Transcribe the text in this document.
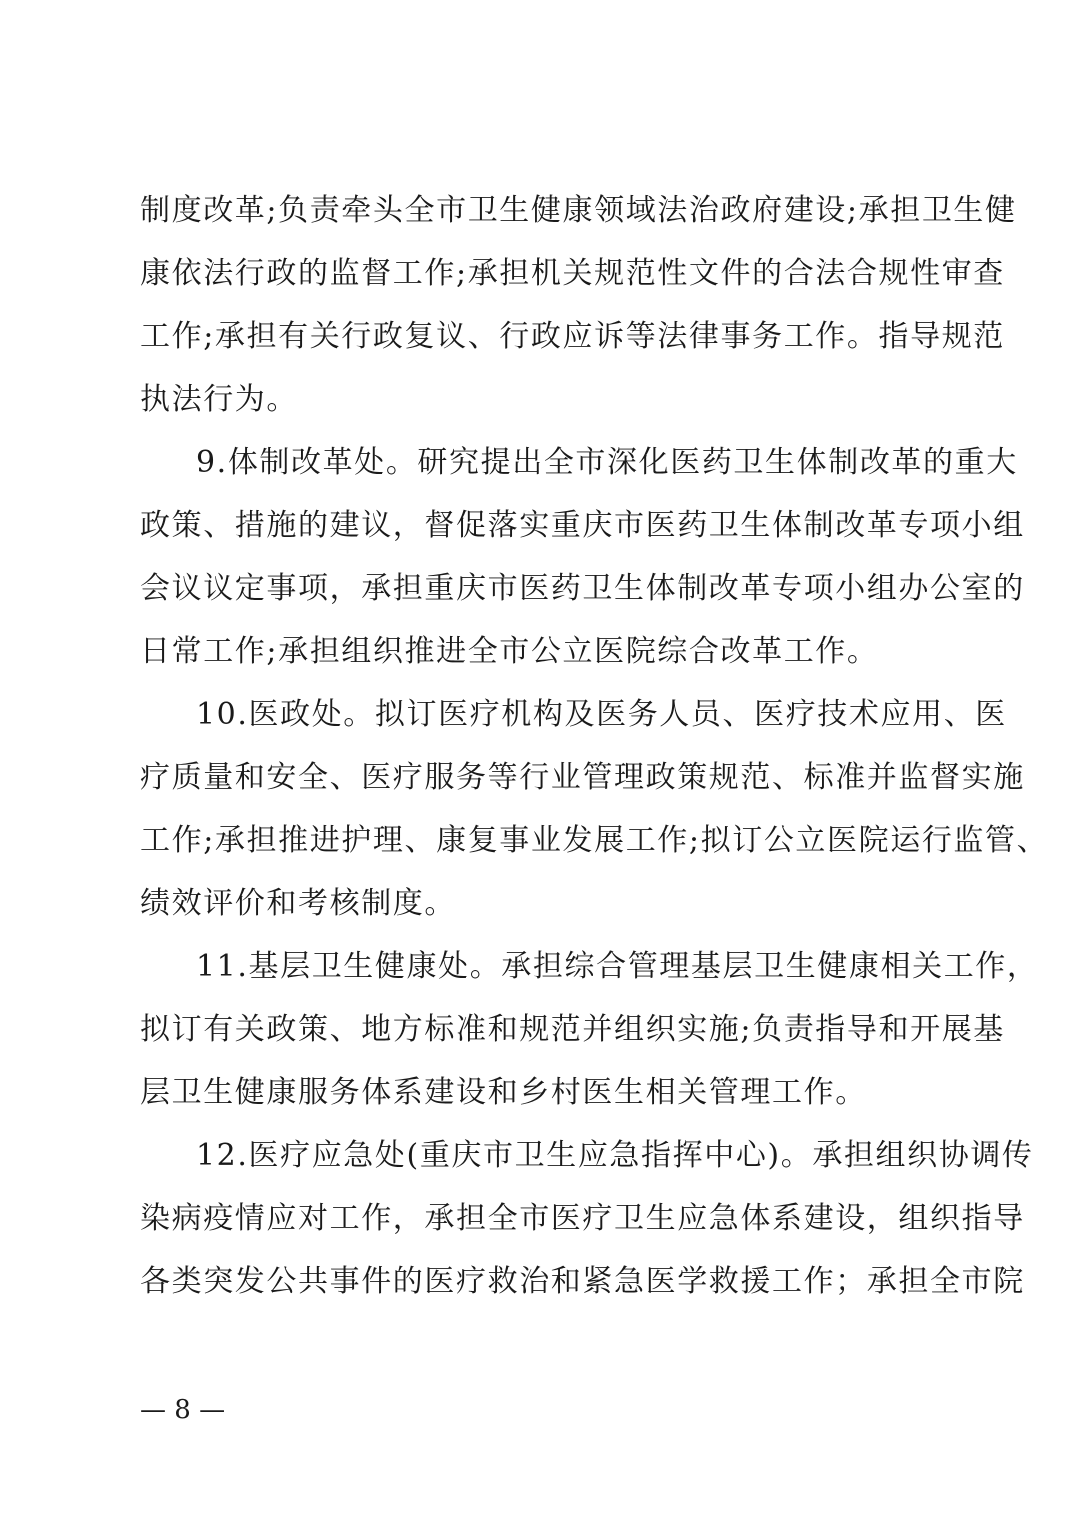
制度改革;负责牵头全市卫生健康领域法治政府建设;承担卫生健
康依法行政的监督工作;承担机关规范性文件的合法合规性审查
工作;承担有关行政复议、行政应诉等法律事务工作。指导规范
执法行为。
9.体制改革处。研究提出全市深化医药卫生体制改革的重大
政策、措施的建议，督促落实重庆市医药卫生体制改革专项小组
会议议定事项，承担重庆市医药卫生体制改革专项小组办公室的
日常工作;承担组织推进全市公立医院综合改革工作。
10.医政处。拟订医疗机构及医务人员、医疗技术应用、医
疗质量和安全、医疗服务等行业管理政策规范、标准并监督实施
工作;承担推进护理、康复事业发展工作;拟订公立医院运行监管、
绩效评价和考核制度。
11.基层卫生健康处。承担综合管理基层卫生健康相关工作，
拟订有关政策、地方标准和规范并组织实施;负责指导和开展基
层卫生健康服务体系建设和乡村医生相关管理工作。
12.医疗应急处(重庆市卫生应急指挥中心)。承担组织协调传
染病疫情应对工作，承担全市医疗卫生应急体系建设，组织指导
各类突发公共事件的医疗救治和紧急医学救援工作；承担全市院
— 8 —
